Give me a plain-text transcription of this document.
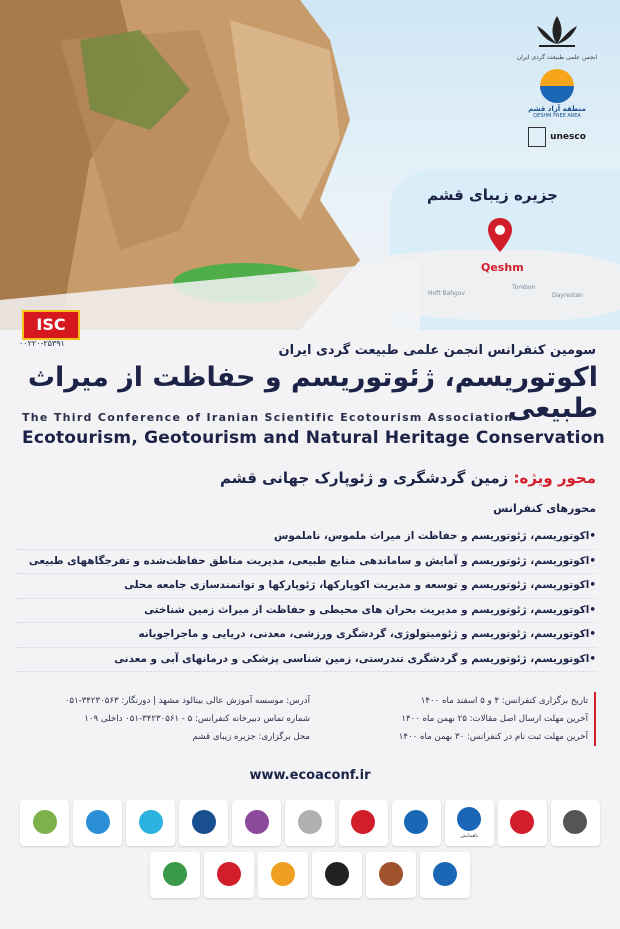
انجمن علمی طبیعت گردی ایران
منطقه آزاد قشم
QESHM FREE AREA
unesco
جزیره زیبای قشم
Qeshm
Hoft Bahgov
Tombon
Dayrestan
ISC
۰۰۲۲۰-۲۵۳۹۱	سومین کنفرانس انجمن علمی طبیعت گردی ایران
اکوتوریسم، ژئوتوریسم و حفاظت از میراث طبیعی
The Third Conference of Iranian Scientific Ecotourism Association
Ecotourism, Geotourism and Natural Heritage Conservation
محور ویژه: زمین گردشگری و ژئوپارک جهانی قشم
محورهای کنفرانس
•اکوتوریسم، ژئوتوریسم و حفاظت از میراث ملموس، ناملموس
•اکوتوریسم، ژئوتوریسم و آمایش و ساماندهی منابع طبیعی، مدیریت مناطق حفاظت‌شده و تفرجگاههای طبیعی
•اکوتوریسم، ژئوتوریسم و توسعه و مدیریت اکوپارکها، ژئوپارکها و توانمندسازی جامعه محلی
•اکوتوریسم، ژئوتوریسم و مدیریت بحران های محیطی و حفاظت از میراث زمین شناختی
•اکوتوریسم، ژئوتوریسم و ژئومیتولوژی، گردشگری ورزشی، معدنی، دریایی و ماجراجویانه
•اکوتوریسم، ژئوتوریسم و گردشگری تندرستی، زمین شناسی پزشکی و درمانهای آبی و معدنی
تاریخ برگزاری کنفرانس: ۴ و ۵ اسفند ماه ۱۴۰۰
آخرین مهلت ارسال اصل مقالات: ۲۵ بهمن ماه ۱۴۰۰
آخرین مهلت ثبت نام در کنفرانس: ۳۰ بهمن ماه ۱۴۰۰
آدرس: موسسه آموزش عالی بینالود مشهد | دورنگار: ۳۴۲۳۰۵۶۳-۰۵۱
شماره تماس دبیرخانه کنفرانس: ۵ - ۳۴۲۳۰۵۶۱-۰۵۱ داخلی ۱۰۹
محل برگزاری: جزیره زیبای قشم
www.ecoaconf.ir
باهمایش
